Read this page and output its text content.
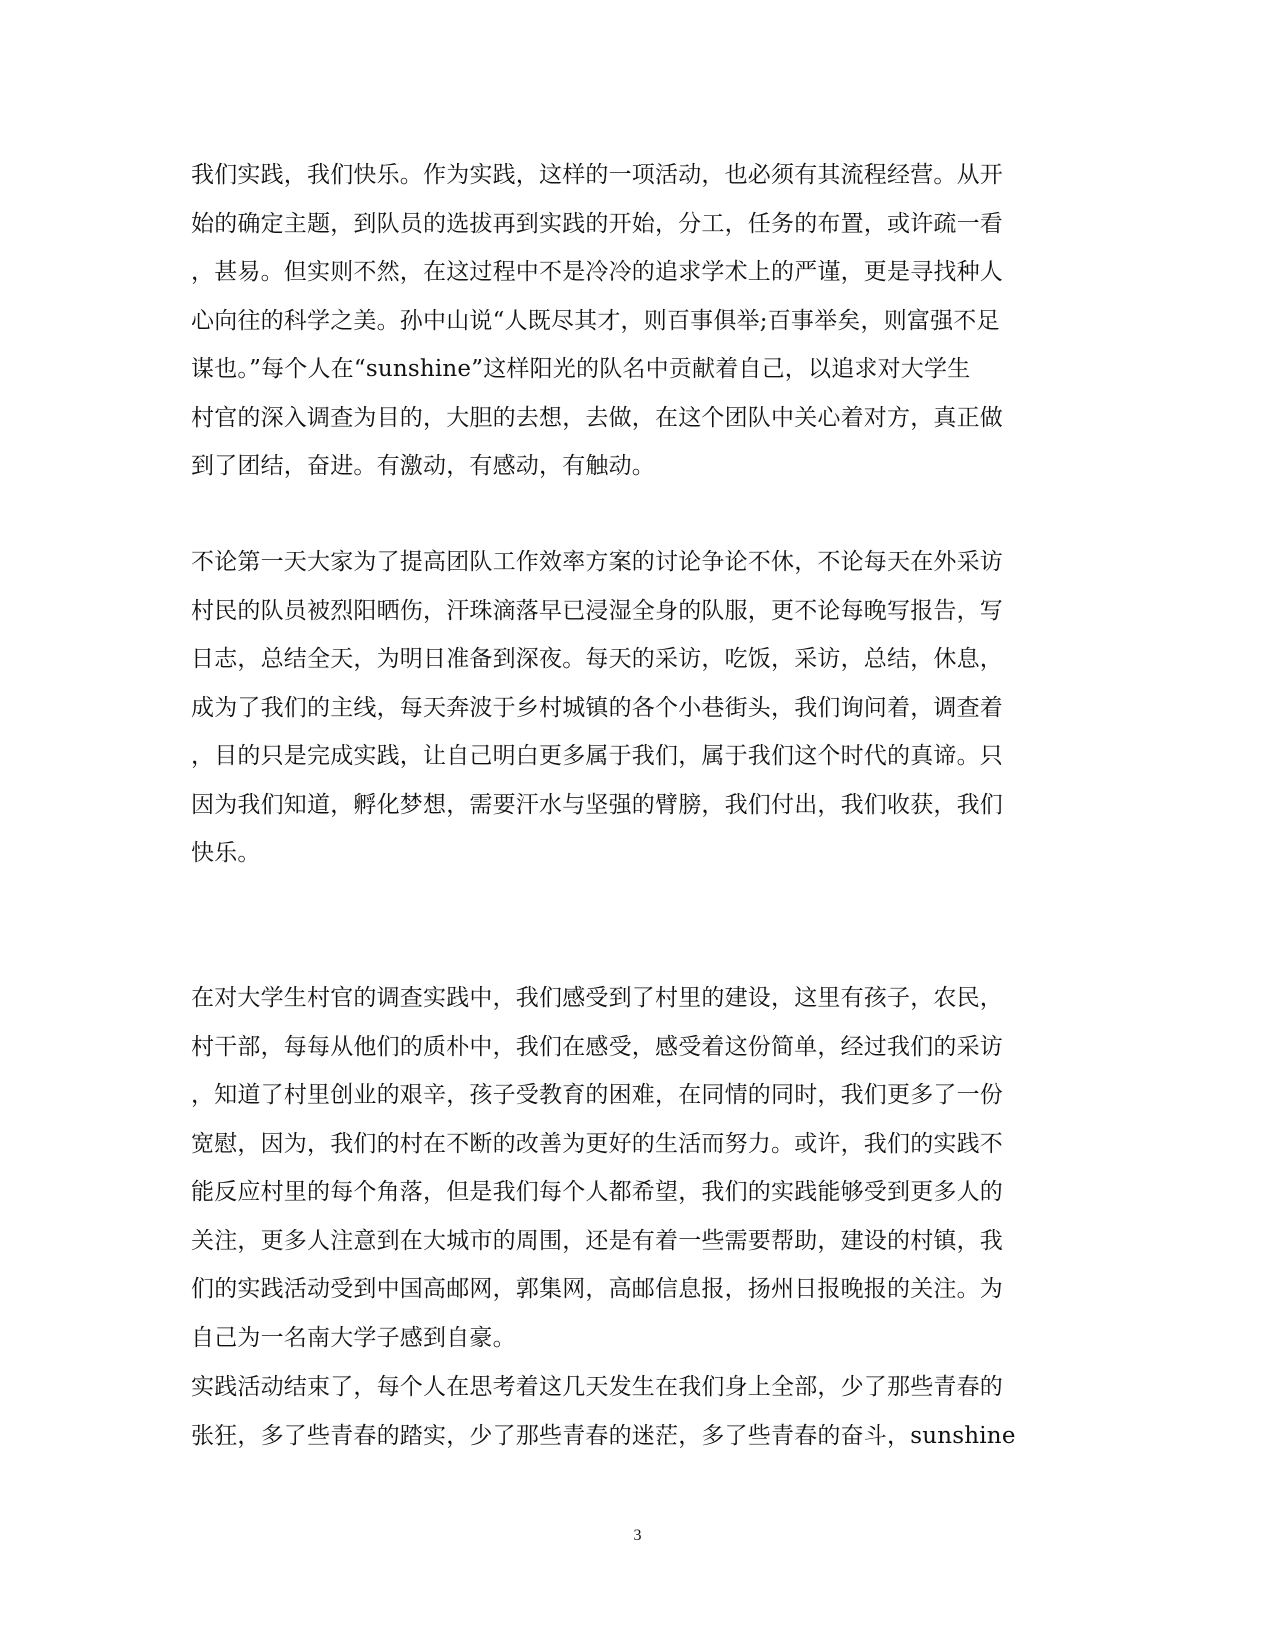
我们实践，我们快乐。作为实践，这样的一项活动，也必须有其流程经营。从开
始的确定主题，到队员的选拔再到实践的开始，分工，任务的布置，或许疏一看
，甚易。但实则不然，在这过程中不是冷冷的追求学术上的严谨，更是寻找种人
心向往的科学之美。孙中山说“人既尽其才，则百事俱举;百事举矣，则富强不足
谋也。”每个人在“sunshine”这样阳光的队名中贡献着自己，以追求对大学生
村官的深入调查为目的，大胆的去想，去做，在这个团队中关心着对方，真正做
到了团结，奋进。有激动，有感动，有触动。
不论第一天大家为了提高团队工作效率方案的讨论争论不休，不论每天在外采访
村民的队员被烈阳晒伤，汗珠滴落早已浸湿全身的队服，更不论每晚写报告，写
日志，总结全天，为明日准备到深夜。每天的采访，吃饭，采访，总结，休息，
成为了我们的主线，每天奔波于乡村城镇的各个小巷街头，我们询问着，调查着
，目的只是完成实践，让自己明白更多属于我们，属于我们这个时代的真谛。只
因为我们知道，孵化梦想，需要汗水与坚强的臂膀，我们付出，我们收获，我们
快乐。
在对大学生村官的调查实践中，我们感受到了村里的建设，这里有孩子，农民，
村干部，每每从他们的质朴中，我们在感受，感受着这份简单，经过我们的采访
，知道了村里创业的艰辛，孩子受教育的困难，在同情的同时，我们更多了一份
宽慰，因为，我们的村在不断的改善为更好的生活而努力。或许，我们的实践不
能反应村里的每个角落，但是我们每个人都希望，我们的实践能够受到更多人的
关注，更多人注意到在大城市的周围，还是有着一些需要帮助，建设的村镇，我
们的实践活动受到中国高邮网，郭集网，高邮信息报，扬州日报晚报的关注。为
自己为一名南大学子感到自豪。
实践活动结束了，每个人在思考着这几天发生在我们身上全部，少了那些青春的
张狂，多了些青春的踏实，少了那些青春的迷茫，多了些青春的奋斗，sunshine
3
